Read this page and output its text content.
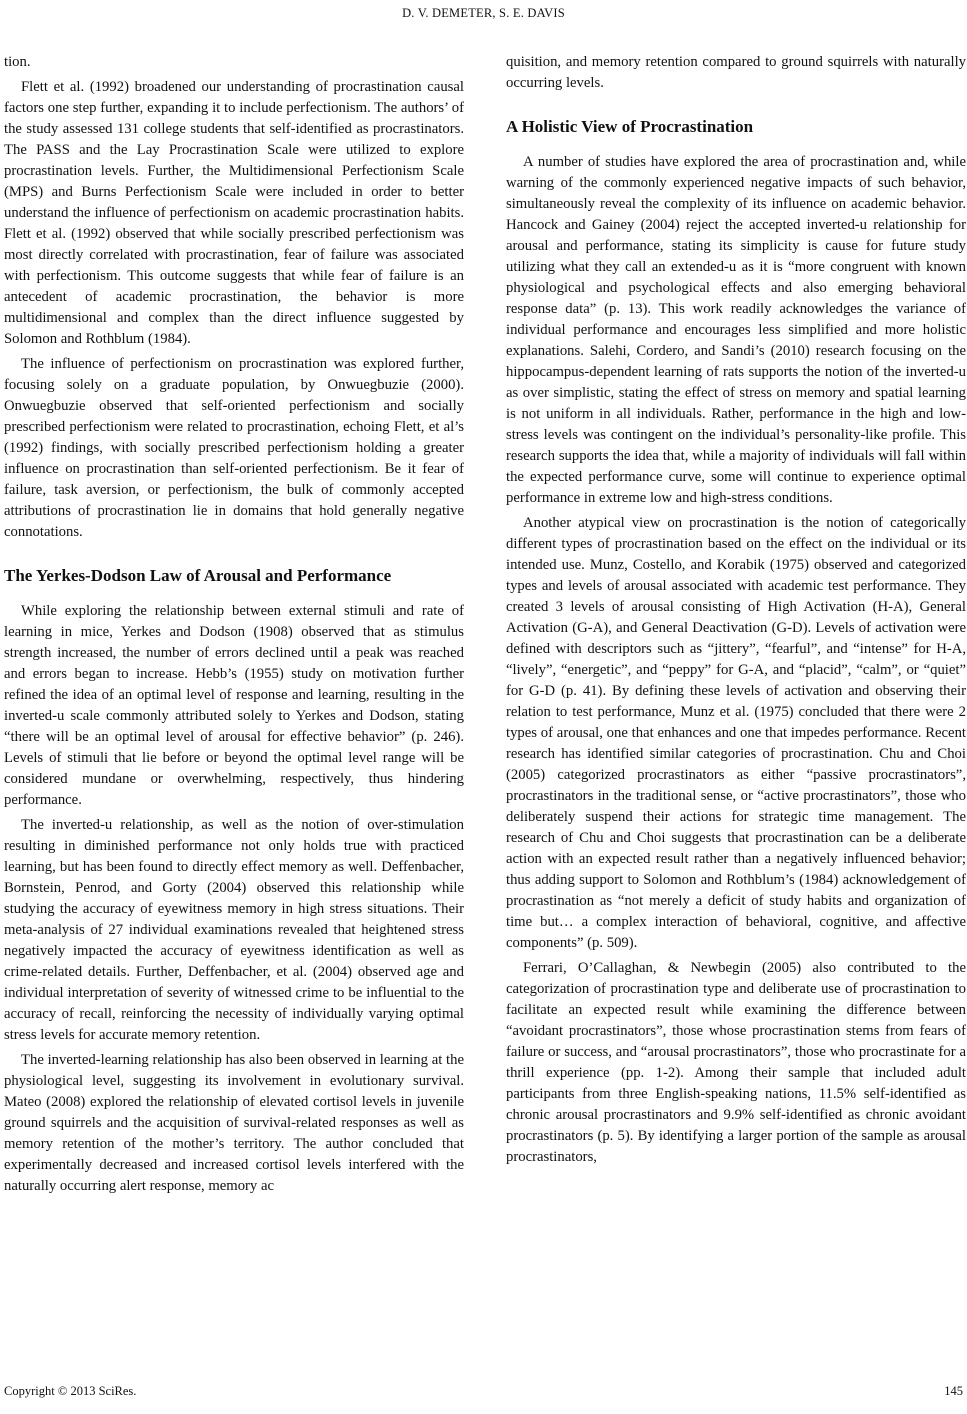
D. V. DEMETER, S. E. DAVIS

tion.

Flett et al. (1992) broadened our understanding of procrastination causal factors one step further, expanding it to include perfectionism. The authors’ of the study assessed 131 college students that self-identified as procrastinators. The PASS and the Lay Procrastination Scale were utilized to explore procrastination levels. Further, the Multidimensional Perfectionism Scale (MPS) and Burns Perfectionism Scale were included in order to better understand the influence of perfectionism on academic procrastination habits. Flett et al. (1992) observed that while socially prescribed perfectionism was most directly correlated with procrastination, fear of failure was associated with perfectionism. This outcome suggests that while fear of failure is an antecedent of academic procrastination, the behavior is more multidimensional and complex than the direct influence suggested by Solomon and Rothblum (1984).

The influence of perfectionism on procrastination was explored further, focusing solely on a graduate population, by Onwuegbuzie (2000). Onwuegbuzie observed that self-oriented perfectionism and socially prescribed perfectionism were related to procrastination, echoing Flett, et al’s (1992) findings, with socially prescribed perfectionism holding a greater influence on procrastination than self-oriented perfectionism. Be it fear of failure, task aversion, or perfectionism, the bulk of commonly accepted attributions of procrastination lie in domains that hold generally negative connotations.

The Yerkes-Dodson Law of Arousal and Performance

While exploring the relationship between external stimuli and rate of learning in mice, Yerkes and Dodson (1908) observed that as stimulus strength increased, the number of errors declined until a peak was reached and errors began to increase. Hebb’s (1955) study on motivation further refined the idea of an optimal level of response and learning, resulting in the inverted-u scale commonly attributed solely to Yerkes and Dodson, stating “there will be an optimal level of arousal for effective behavior” (p. 246). Levels of stimuli that lie before or beyond the optimal level range will be considered mundane or overwhelming, respectively, thus hindering performance.

The inverted-u relationship, as well as the notion of over-stimulation resulting in diminished performance not only holds true with practiced learning, but has been found to directly effect memory as well. Deffenbacher, Bornstein, Penrod, and Gorty (2004) observed this relationship while studying the accuracy of eyewitness memory in high stress situations. Their meta-analysis of 27 individual examinations revealed that heightened stress negatively impacted the accuracy of eyewitness identification as well as crime-related details. Further, Deffenbacher, et al. (2004) observed age and individual interpretation of severity of witnessed crime to be influential to the accuracy of recall, reinforcing the necessity of individually varying optimal stress levels for accurate memory retention.

The inverted-learning relationship has also been observed in learning at the physiological level, suggesting its involvement in evolutionary survival. Mateo (2008) explored the relationship of elevated cortisol levels in juvenile ground squirrels and the acquisition of survival-related responses as well as memory retention of the mother’s territory. The author concluded that experimentally decreased and increased cortisol levels interfered with the naturally occurring alert response, memory ac

quisition, and memory retention compared to ground squirrels with naturally occurring levels.

A Holistic View of Procrastination

A number of studies have explored the area of procrastination and, while warning of the commonly experienced negative impacts of such behavior, simultaneously reveal the complexity of its influence on academic behavior. Hancock and Gainey (2004) reject the accepted inverted-u relationship for arousal and performance, stating its simplicity is cause for future study utilizing what they call an extended-u as it is “more congruent with known physiological and psychological effects and also emerging behavioral response data” (p. 13). This work readily acknowledges the variance of individual performance and encourages less simplified and more holistic explanations. Salehi, Cordero, and Sandi’s (2010) research focusing on the hippocampus-dependent learning of rats supports the notion of the inverted-u as over simplistic, stating the effect of stress on memory and spatial learning is not uniform in all individuals. Rather, performance in the high and low-stress levels was contingent on the individual’s personality-like profile. This research supports the idea that, while a majority of individuals will fall within the expected performance curve, some will continue to experience optimal performance in extreme low and high-stress conditions.

Another atypical view on procrastination is the notion of categorically different types of procrastination based on the effect on the individual or its intended use. Munz, Costello, and Korabik (1975) observed and categorized types and levels of arousal associated with academic test performance. They created 3 levels of arousal consisting of High Activation (H-A), General Activation (G-A), and General Deactivation (G-D). Levels of activation were defined with descriptors such as “jittery”, “fearful”, and “intense” for H-A, “lively”, “energetic”, and “peppy” for G-A, and “placid”, “calm”, or “quiet” for G-D (p. 41). By defining these levels of activation and observing their relation to test performance, Munz et al. (1975) concluded that there were 2 types of arousal, one that enhances and one that impedes performance. Recent research has identified similar categories of procrastination. Chu and Choi (2005) categorized procrastinators as either “passive procrastinators”, procrastinators in the traditional sense, or “active procrastinators”, those who deliberately suspend their actions for strategic time management. The research of Chu and Choi suggests that procrastination can be a deliberate action with an expected result rather than a negatively influenced behavior; thus adding support to Solomon and Rothblum’s (1984) acknowledgement of procrastination as “not merely a deficit of study habits and organization of time but… a complex interaction of behavioral, cognitive, and affective components” (p. 509).

Ferrari, O’Callaghan, & Newbegin (2005) also contributed to the categorization of procrastination type and deliberate use of procrastination to facilitate an expected result while examining the difference between “avoidant procrastinators”, those whose procrastination stems from fears of failure or success, and “arousal procrastinators”, those who procrastinate for a thrill experience (pp. 1-2). Among their sample that included adult participants from three English-speaking nations, 11.5% self-identified as chronic arousal procrastinators and 9.9% self-identified as chronic avoidant procrastinators (p. 5). By identifying a larger portion of the sample as arousal procrastinators,

Copyright © 2013 SciRes.	145
